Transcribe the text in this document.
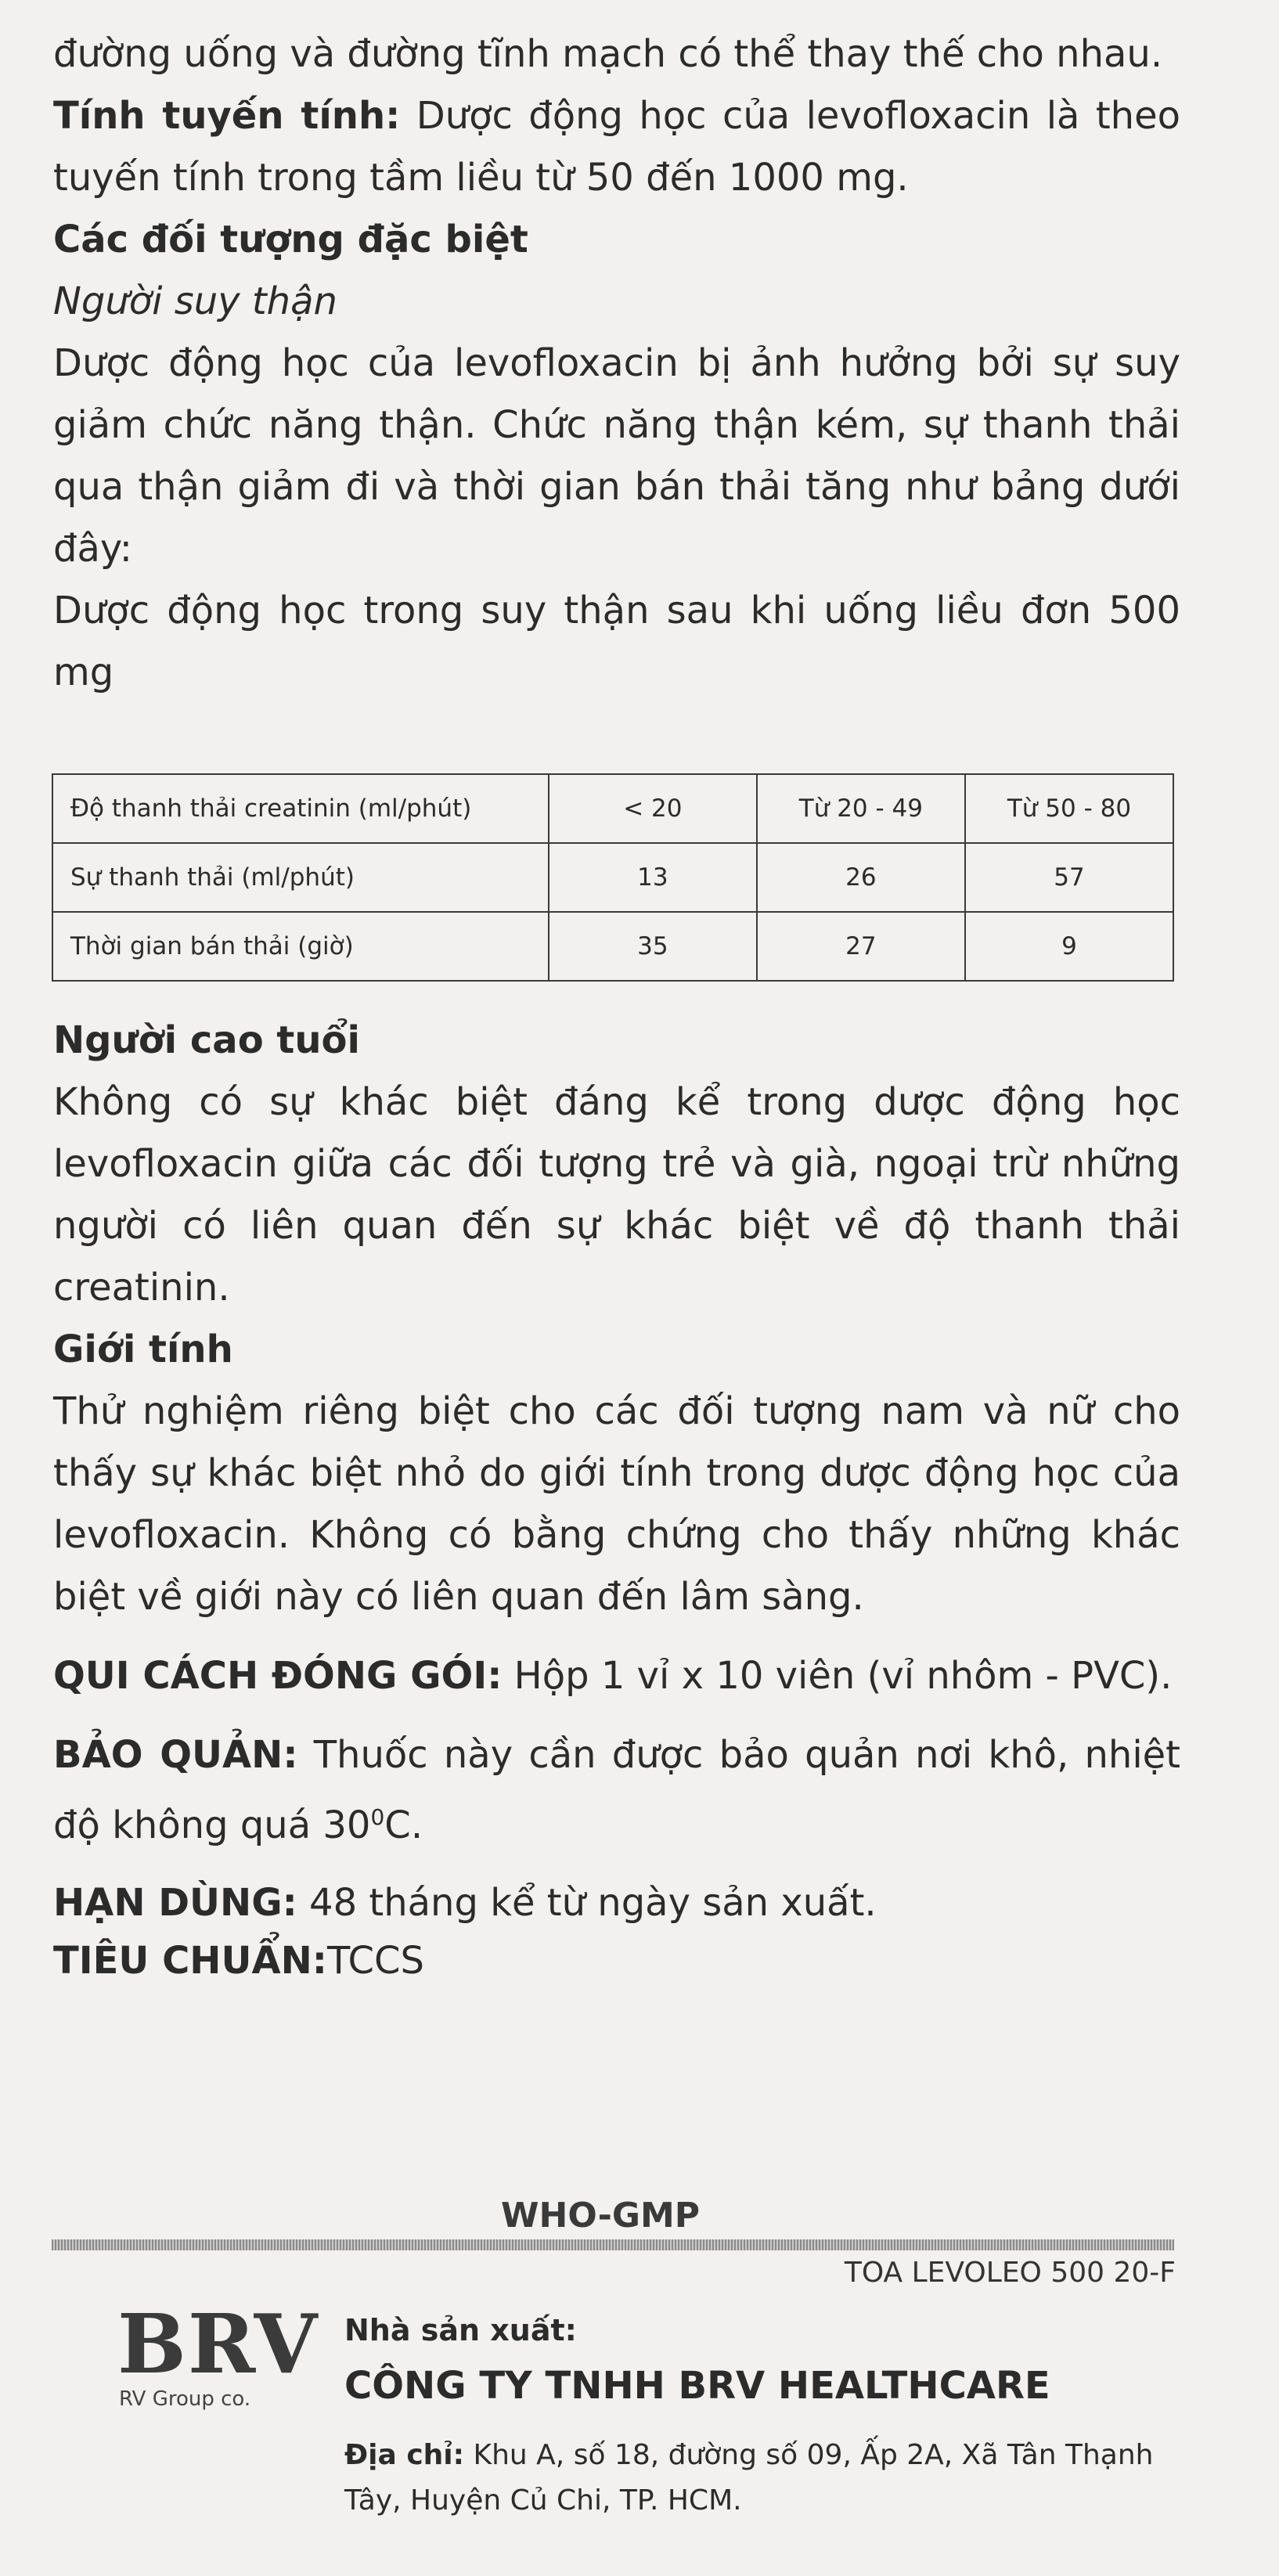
đường uống và đường tĩnh mạch có thể thay thế cho nhau.

Tính tuyến tính: Dược động học của levofloxacin là theo tuyến tính trong tầm liều từ 50 đến 1000 mg.

Các đối tượng đặc biệt

Người suy thận

Dược động học của levofloxacin bị ảnh hưởng bởi sự suy giảm chức năng thận. Chức năng thận kém, sự thanh thải qua thận giảm đi và thời gian bán thải tăng như bảng dưới đây:

Dược động học trong suy thận sau khi uống liều đơn 500 mg

Độ thanh thải creatinin (ml/phút)	< 20	Từ 20 - 49	Từ 50 - 80
Sự thanh thải (ml/phút)	13	26	57
Thời gian bán thải (giờ)	35	27	9

Người cao tuổi

Không có sự khác biệt đáng kể trong dược động học levofloxacin giữa các đối tượng trẻ và già, ngoại trừ những người có liên quan đến sự khác biệt về độ thanh thải creatinin.

Giới tính

Thử nghiệm riêng biệt cho các đối tượng nam và nữ cho thấy sự khác biệt nhỏ do giới tính trong dược động học của levofloxacin. Không có bằng chứng cho thấy những khác biệt về giới này có liên quan đến lâm sàng.

QUI CÁCH ĐÓNG GÓI: Hộp 1 vỉ x 10 viên (vỉ nhôm - PVC).

BẢO QUẢN: Thuốc này cần được bảo quản nơi khô, nhiệt độ không quá $30^0C$.

HẠN DÙNG: 48 tháng kể từ ngày sản xuất.

TIÊU CHUẨN:TCCS

WHO-GMP
TOA LEVOLEO 500 20-F
BRV
RV Group co.
Nhà sản xuất:
CÔNG TY TNHH BRV HEALTHCARE
Địa chỉ: Khu A, số 18, đường số 09, Ấp 2A, Xã Tân Thạnh Tây, Huyện Củ Chi, TP. HCM.
